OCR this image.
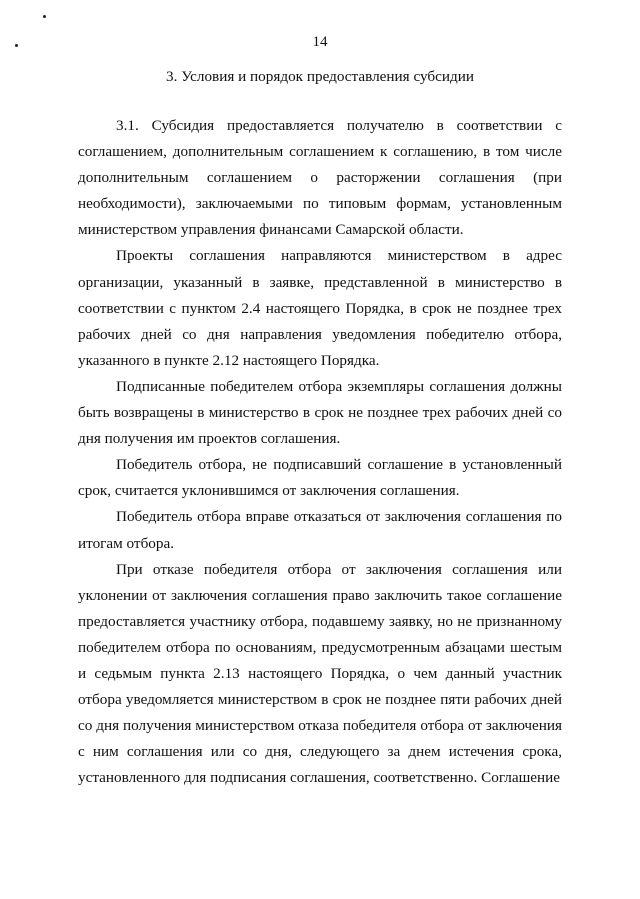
14
3. Условия и порядок предоставления субсидии

3.1. Субсидия предоставляется получателю в соответствии с соглашением, дополнительным соглашением к соглашению, в том числе дополнительным соглашением о расторжении соглашения (при необходимости), заключаемыми по типовым формам, установленным министерством управления финансами Самарской области.

Проекты соглашения направляются министерством в адрес организации, указанный в заявке, представленной в министерство в соответствии с пунктом 2.4 настоящего Порядка, в срок не позднее трех рабочих дней со дня направления уведомления победителю отбора, указанного в пункте 2.12 настоящего Порядка.

Подписанные победителем отбора экземпляры соглашения должны быть возвращены в министерство в срок не позднее трех рабочих дней со дня получения им проектов соглашения.

Победитель отбора, не подписавший соглашение в установленный срок, считается уклонившимся от заключения соглашения.

Победитель отбора вправе отказаться от заключения соглашения по итогам отбора.

При отказе победителя отбора от заключения соглашения или уклонении от заключения соглашения право заключить такое соглашение предоставляется участнику отбора, подавшему заявку, но не признанному победителем отбора по основаниям, предусмотренным абзацами шестым и седьмым пункта 2.13 настоящего Порядка, о чем данный участник отбора уведомляется министерством в срок не позднее пяти рабочих дней со дня получения министерством отказа победителя отбора от заключения с ним соглашения или со дня, следующего за днем истечения срока, установленного для подписания соглашения, соответственно. Соглашение
